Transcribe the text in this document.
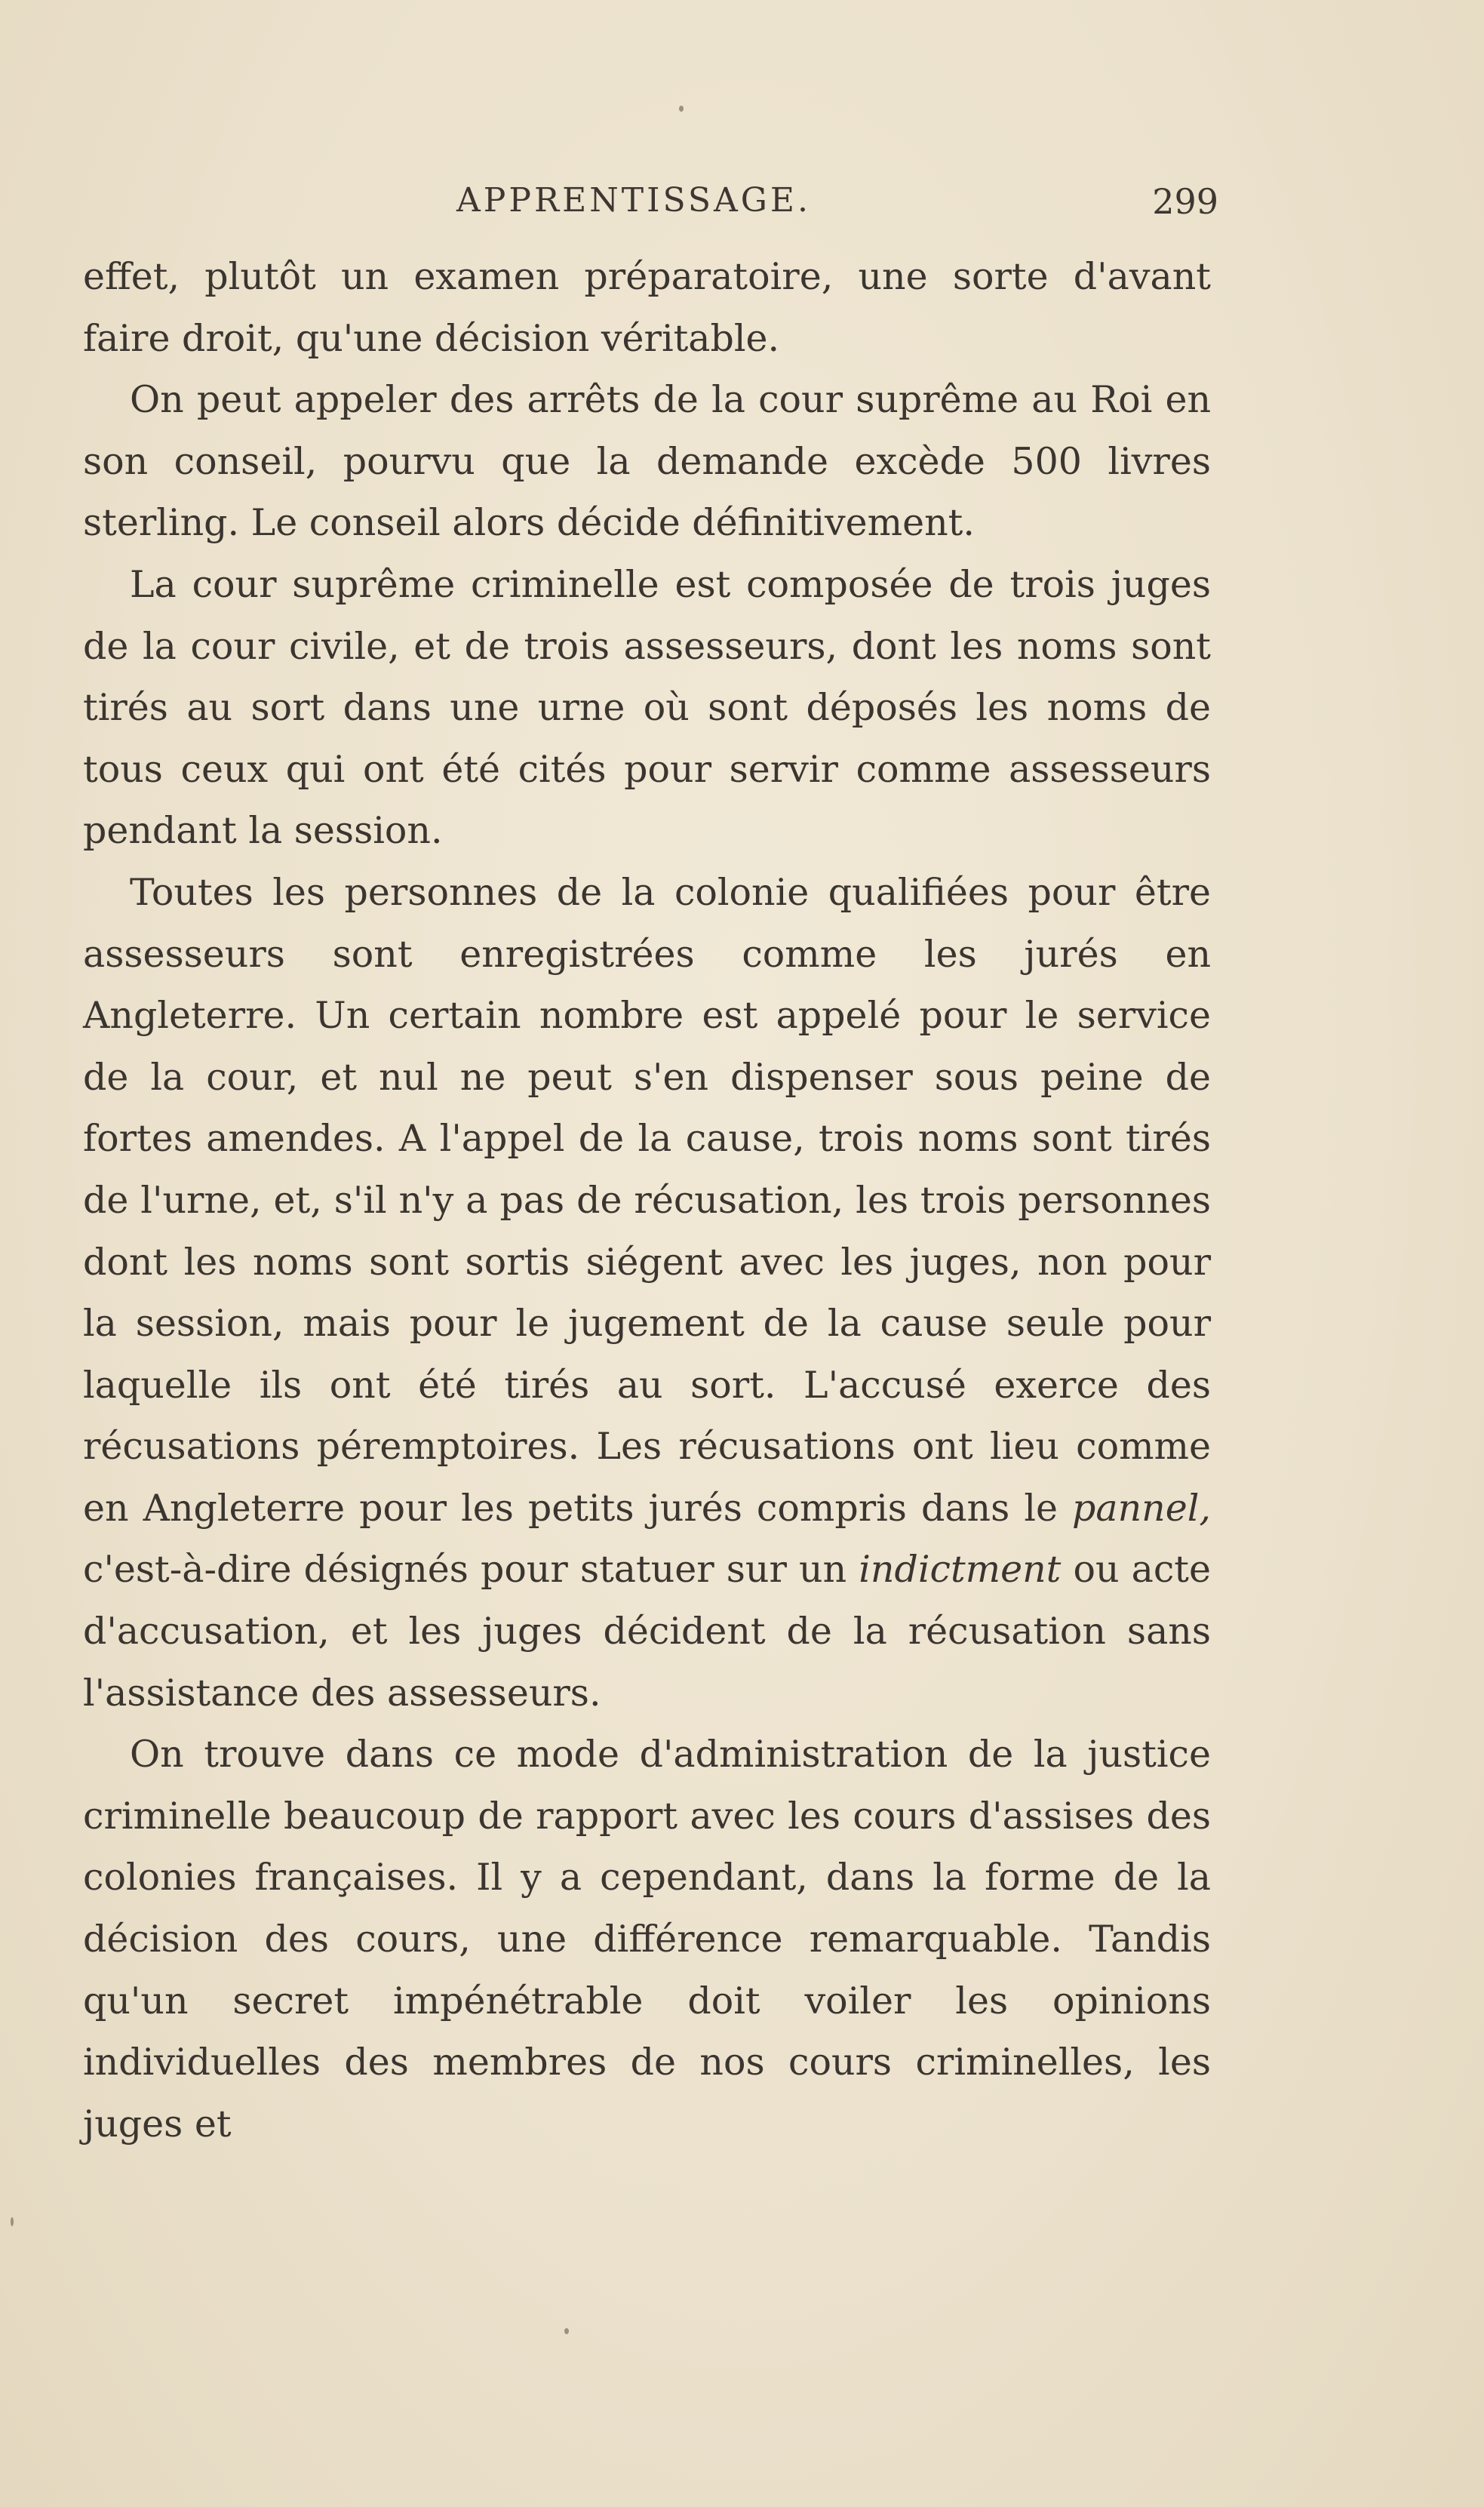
APPRENTISSAGE.	299

effet, plutôt un examen préparatoire, une sorte d'avant faire droit, qu'une décision véritable.

On peut appeler des arrêts de la cour suprême au Roi en son conseil, pourvu que la demande excède 500 livres sterling. Le conseil alors décide définitivement.

La cour suprême criminelle est composée de trois juges de la cour civile, et de trois assesseurs, dont les noms sont tirés au sort dans une urne où sont déposés les noms de tous ceux qui ont été cités pour servir comme assesseurs pendant la session.

Toutes les personnes de la colonie qualifiées pour être assesseurs sont enregistrées comme les jurés en Angleterre. Un certain nombre est appelé pour le service de la cour, et nul ne peut s'en dispenser sous peine de fortes amendes. A l'appel de la cause, trois noms sont tirés de l'urne, et, s'il n'y a pas de récusation, les trois personnes dont les noms sont sortis siégent avec les juges, non pour la session, mais pour le jugement de la cause seule pour laquelle ils ont été tirés au sort. L'accusé exerce des récusations péremptoires. Les récusations ont lieu comme en Angleterre pour les petits jurés compris dans le pannel, c'est-à-dire désignés pour statuer sur un indictment ou acte d'accusation, et les juges décident de la récusation sans l'assistance des assesseurs.

On trouve dans ce mode d'administration de la justice criminelle beaucoup de rapport avec les cours d'assises des colonies françaises. Il y a cependant, dans la forme de la décision des cours, une différence remarquable. Tandis qu'un secret impénétrable doit voiler les opinions individuelles des membres de nos cours criminelles, les juges et
